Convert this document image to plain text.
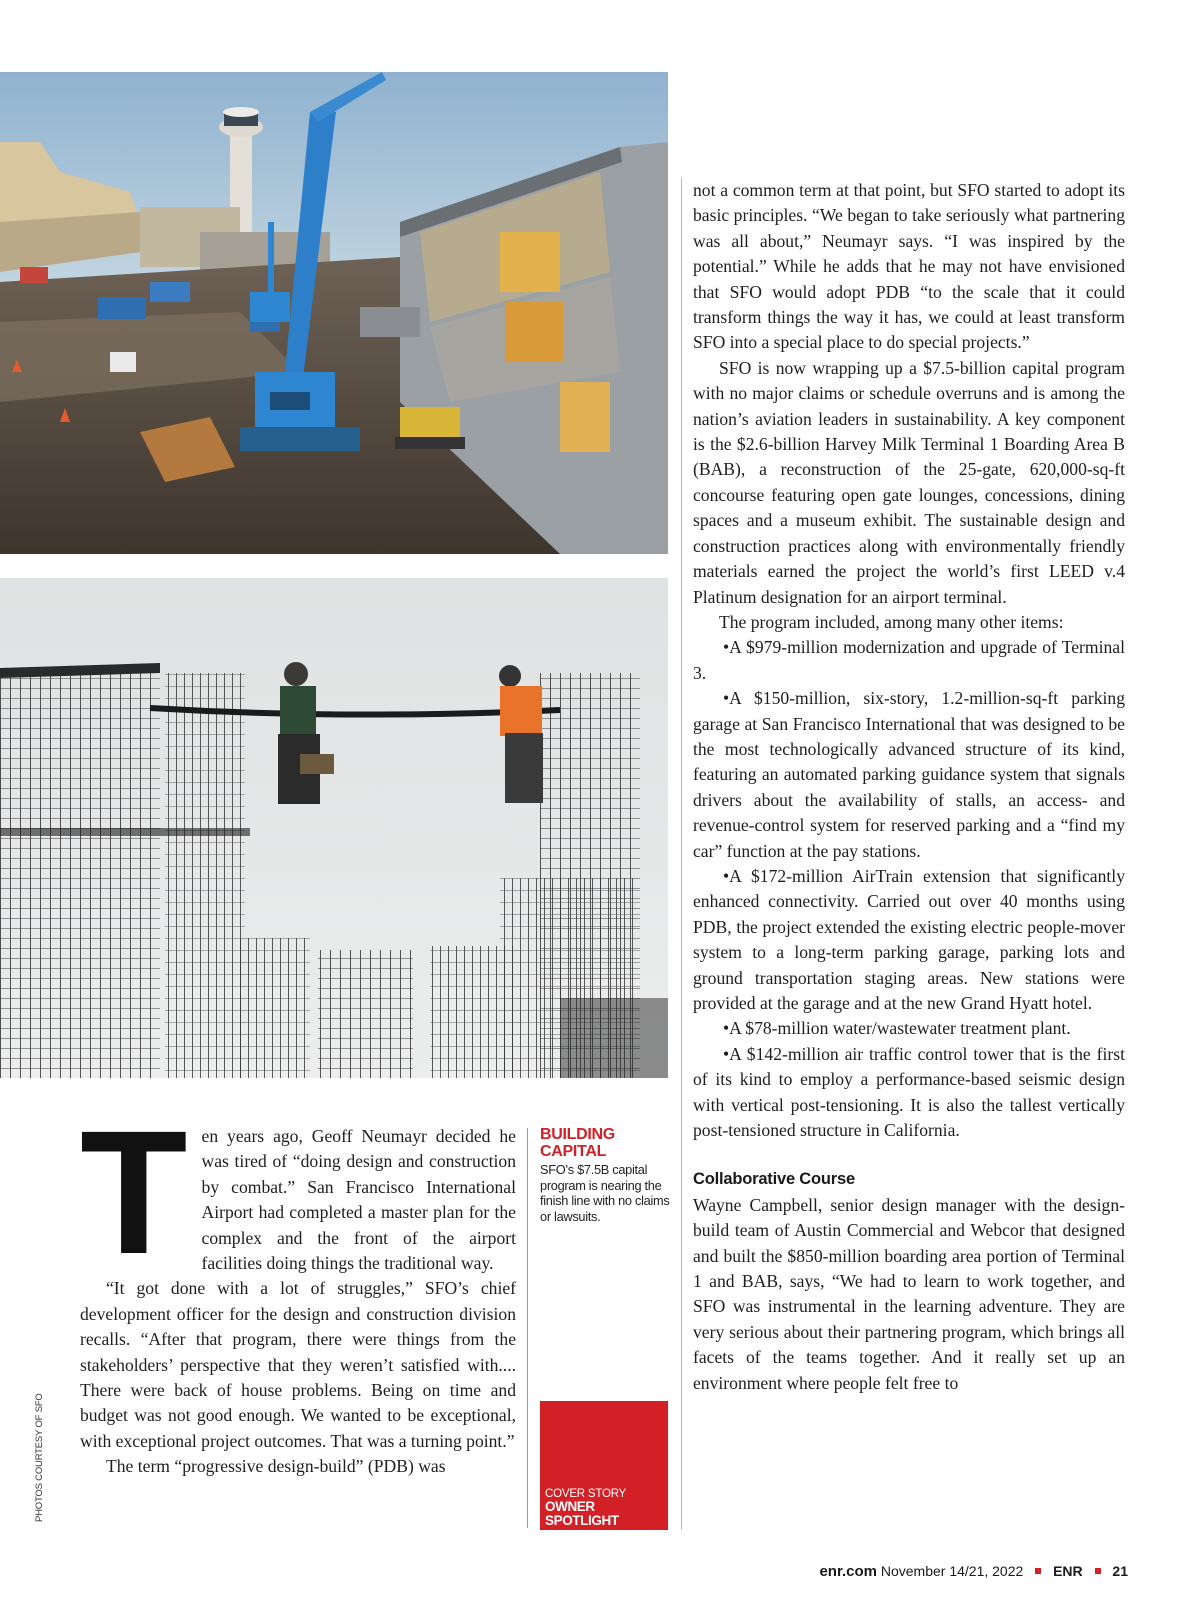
PHOTOS COURTESY OF SFO
T en years ago, Geoff Neumayr decided he was tired of “doing design and construction by combat.” San Francisco International Airport had completed a master plan for the complex and the front of the airport facilities doing things the traditional way.

“It got done with a lot of struggles,” SFO’s chief development officer for the design and construction division recalls. “After that program, there were things from the stakeholders’ perspective that they weren’t satisfied with.... There were back of house problems. Being on time and budget was not good enough. We wanted to be exceptional, with exceptional project outcomes. That was a turning point.”

The term “progressive design-build” (PDB) was

BUILDING
CAPITAL
SFO’s $7.5B capital program is nearing the finish line with no claims or lawsuits.
COVER STORY
OWNER
SPOTLIGHT

not a common term at that point, but SFO started to adopt its basic principles. “We began to take seriously what partnering was all about,” Neumayr says. “I was inspired by the potential.” While he adds that he may not have envisioned that SFO would adopt PDB “to the scale that it could transform things the way it has, we could at least transform SFO into a special place to do special projects.”

SFO is now wrapping up a $7.5-billion capital program with no major claims or schedule overruns and is among the nation’s aviation leaders in sustainability. A key component is the $2.6-billion Harvey Milk Terminal 1 Boarding Area B (BAB), a reconstruction of the 25-gate, 620,000-sq-ft concourse featuring open gate lounges, concessions, dining spaces and a museum exhibit. The sustainable design and construction practices along with environmentally friendly materials earned the project the world’s first LEED v.4 Platinum designation for an airport terminal.

The program included, among many other items:

•A $979-million modernization and upgrade of Terminal 3.

•A $150-million, six-story, 1.2-million-sq-ft parking garage at San Francisco International that was designed to be the most technologically advanced structure of its kind, featuring an automated parking guidance system that signals drivers about the availability of stalls, an access- and revenue-control system for reserved parking and a “find my car” function at the pay stations.

•A $172-million AirTrain extension that significantly enhanced connectivity. Carried out over 40 months using PDB, the project extended the existing electric people-mover system to a long-term parking garage, parking lots and ground transportation staging areas. New stations were provided at the garage and at the new Grand Hyatt hotel.

•A $78-million water/wastewater treatment plant.

•A $142-million air traffic control tower that is the first of its kind to employ a performance-based seismic design with vertical post-tensioning. It is also the tallest vertically post-tensioned structure in California.

Collaborative Course

Wayne Campbell, senior design manager with the design-build team of Austin Commercial and Webcor that designed and built the $850-million boarding area portion of Terminal 1 and BAB, says, “We had to learn to work together, and SFO was instrumental in the learning adventure. They are very serious about their partnering program, which brings all facets of the teams together. And it really set up an environment where people felt free to

enr.com November 14/21, 2022 ENR 21
